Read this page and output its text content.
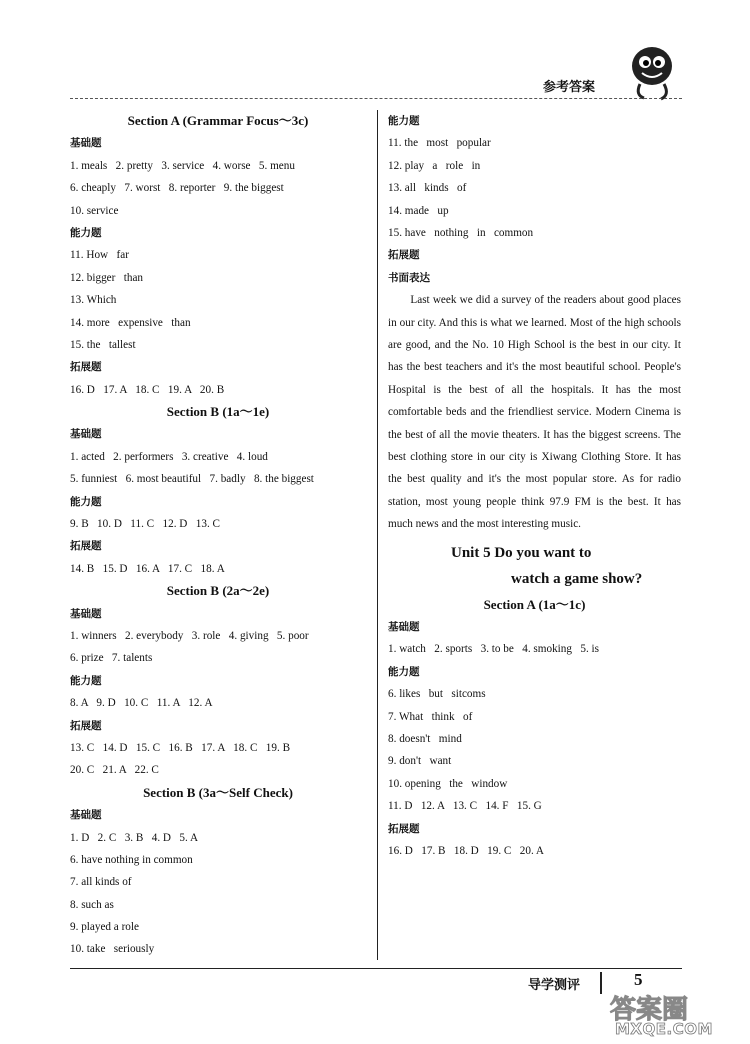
参考答案
Section A (Grammar Focus～3c)
基础题
1. meals   2. pretty   3. service   4. worse   5. menu
6. cheaply   7. worst   8. reporter   9. the biggest
10. service
能力题
11. How   far
12. bigger   than
13. Which
14. more   expensive   than
15. the   tallest
拓展题
16. D   17. A   18. C   19. A   20. B
Section B (1a～1e)
基础题
1. acted   2. performers   3. creative   4. loud
5. funniest   6. most beautiful   7. badly   8. the biggest
能力题
9. B   10. D   11. C   12. D   13. C
拓展题
14. B   15. D   16. A   17. C   18. A
Section B (2a～2e)
基础题
1. winners   2. everybody   3. role   4. giving   5. poor
6. prize   7. talents
能力题
8. A   9. D   10. C   11. A   12. A
拓展题
13. C   14. D   15. C   16. B   17. A   18. C   19. B
20. C   21. A   22. C
Section B (3a～Self Check)
基础题
1. D   2. C   3. B   4. D   5. A
6. have nothing in common
7. all kinds of
8. such as
9. played a role
10. take   seriously
能力题
11. the   most   popular
12. play   a   role   in
13. all   kinds   of
14. made   up
15. have   nothing   in   common
拓展题
书面表达

Last week we did a survey of the readers about good places in our city. And this is what we learned. Most of the high schools are good, and the No. 10 High School is the best in our city. It has the best teachers and it's the most beautiful school. People's Hospital is the best of all the hospitals. It has the most comfortable beds and the friendliest service. Modern Cinema is the best of all the movie theaters. It has the biggest screens. The best clothing store in our city is Xiwang Clothing Store. It has the best quality and it's the most popular store. As for radio station, most young people think 97.9 FM is the best. It has much news and the most interesting music.

Unit 5 Do you want to
watch a game show?
Section A (1a～1c)
基础题
1. watch   2. sports   3. to be   4. smoking   5. is
能力题
6. likes   but   sitcoms
7. What   think   of
8. doesn't   mind
9. don't   want
10. opening   the   window
11. D   12. A   13. C   14. F   15. G
拓展题
16. D   17. B   18. D   19. C   20. A
导学测评	5
答案圈
MXQE.COM
